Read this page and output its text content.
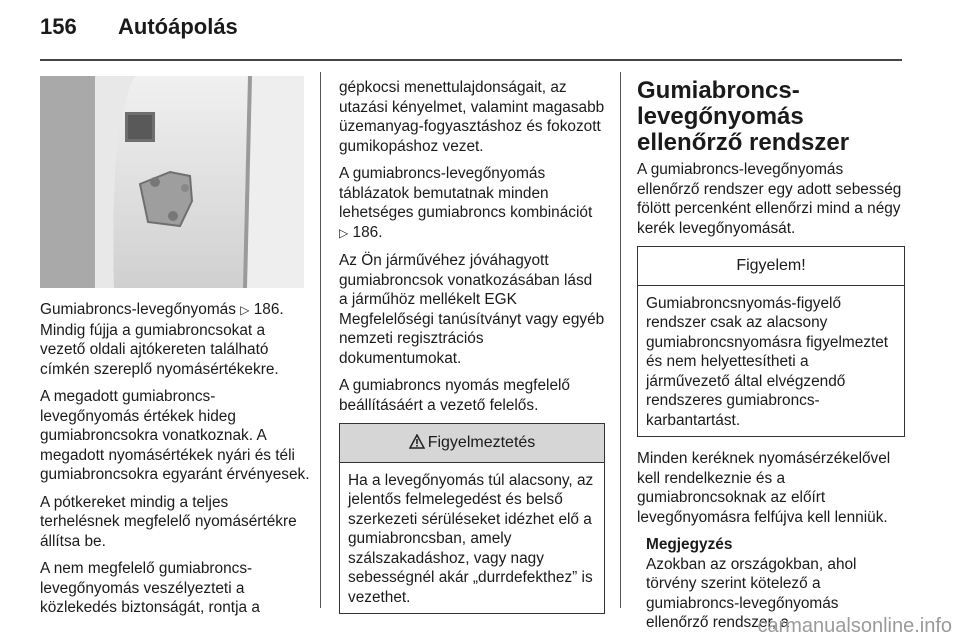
156 Autóápolás

Gumiabroncs-levegőnyomás ▷ 186.
Mindig fújja a gumiabroncsokat a vezető oldali ajtókereten található címkén szereplő nyomásértékekre.

A megadott gumiabroncs-levegőnyomás értékek hideg gumiabroncsokra vonatkoznak. A megadott nyomásértékek nyári és téli gumiabroncsokra egyaránt érvényesek.

A pótkereket mindig a teljes terhelésnek megfelelő nyomásértékre állítsa be.

A nem megfelelő gumiabroncs-levegőnyomás veszélyezteti a közlekedés biztonságát, rontja a

gépkocsi menettulajdonságait, az utazási kényelmet, valamint magasabb üzemanyag-fogyasztáshoz és fokozott gumikopáshoz vezet.

A gumiabroncs-levegőnyomás táblázatok bemutatnak minden lehetséges gumiabroncs kombinációt ▷ 186.

Az Ön járművéhez jóváhagyott gumiabroncsok vonatkozásában lásd a járműhöz mellékelt EGK Megfelelőségi tanúsítványt vagy egyéb nemzeti regisztrációs dokumentumokat.

A gumiabroncs nyomás megfelelő beállításáért a vezető felelős.

Figyelmeztetés
Ha a levegőnyomás túl alacsony, az jelentős felmelegedést és belső szerkezeti sérüléseket idézhet elő a gumiabroncsban, amely szálszakadáshoz, vagy nagy sebességnél akár „durrdefekthez” is vezethet.
Gumiabroncs-levegőnyomás ellenőrző rendszer

A gumiabroncs-levegőnyomás ellenőrző rendszer egy adott sebesség fölött percenként ellenőrzi mind a négy kerék levegőnyomását.

Figyelem!
Gumiabroncsnyomás-figyelő rendszer csak az alacsony gumiabroncsnyomásra figyelmeztet és nem helyettesítheti a járművezető által elvégzendő rendszeres gumiabroncs-karbantartást.

Minden keréknek nyomásérzékelővel kell rendelkeznie és a gumiabroncsoknak az előírt levegőnyomásra felfújva kell lenniük.

Megjegyzés
Azokban az országokban, ahol törvény szerint kötelező a gumiabroncs-levegőnyomás ellenőrző rendszer, a
carmanualsonline.info
